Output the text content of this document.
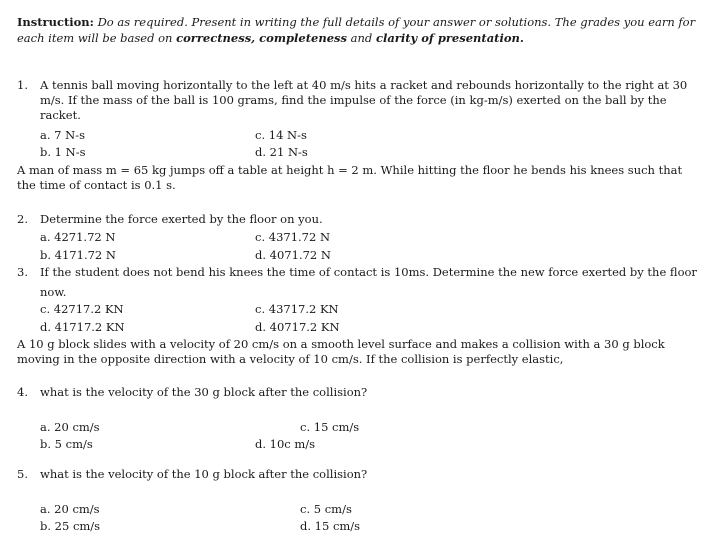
Instruction: Do as required. Present in writing the full details of your answer or solutions. The grades you earn for each item will be based on correctness, completeness and clarity of presentation.
1. A tennis ball moving horizontally to the left at 40 m/s hits a racket and rebounds horizontally to the right at 30 m/s. If the mass of the ball is 100 grams, find the impulse of the force (in kg-m/s) exerted on the ball by the racket.
a. 7 N-s
b. 1 N-s
c. 14 N-s
d. 21 N-s
A man of mass m = 65 kg jumps off a table at height h = 2 m. While hitting the floor he bends his knees such that the time of contact is 0.1 s.
2. Determine the force exerted by the floor on you.
a. 4271.72 N
b. 4171.72 N
c. 4371.72 N
d. 4071.72 N
3. If the student does not bend his knees the time of contact is 10ms. Determine the new force exerted by the floor
now.
c. 42717.2 KN
d. 41717.2 KN
c. 43717.2 KN
d. 40717.2 KN
A 10 g block slides with a velocity of 20 cm/s on a smooth level surface and makes a collision with a 30 g block moving in the opposite direction with a velocity of 10 cm/s. If the collision is perfectly elastic,
4. what is the velocity of the 30 g block after the collision?
a. 20 cm/s
b. 5 cm/s
c. 15 cm/s
d. 10c m/s
5. what is the velocity of the 10 g block after the collision?
a. 20 cm/s
b. 25 cm/s
c. 5 cm/s
d. 15 cm/s
